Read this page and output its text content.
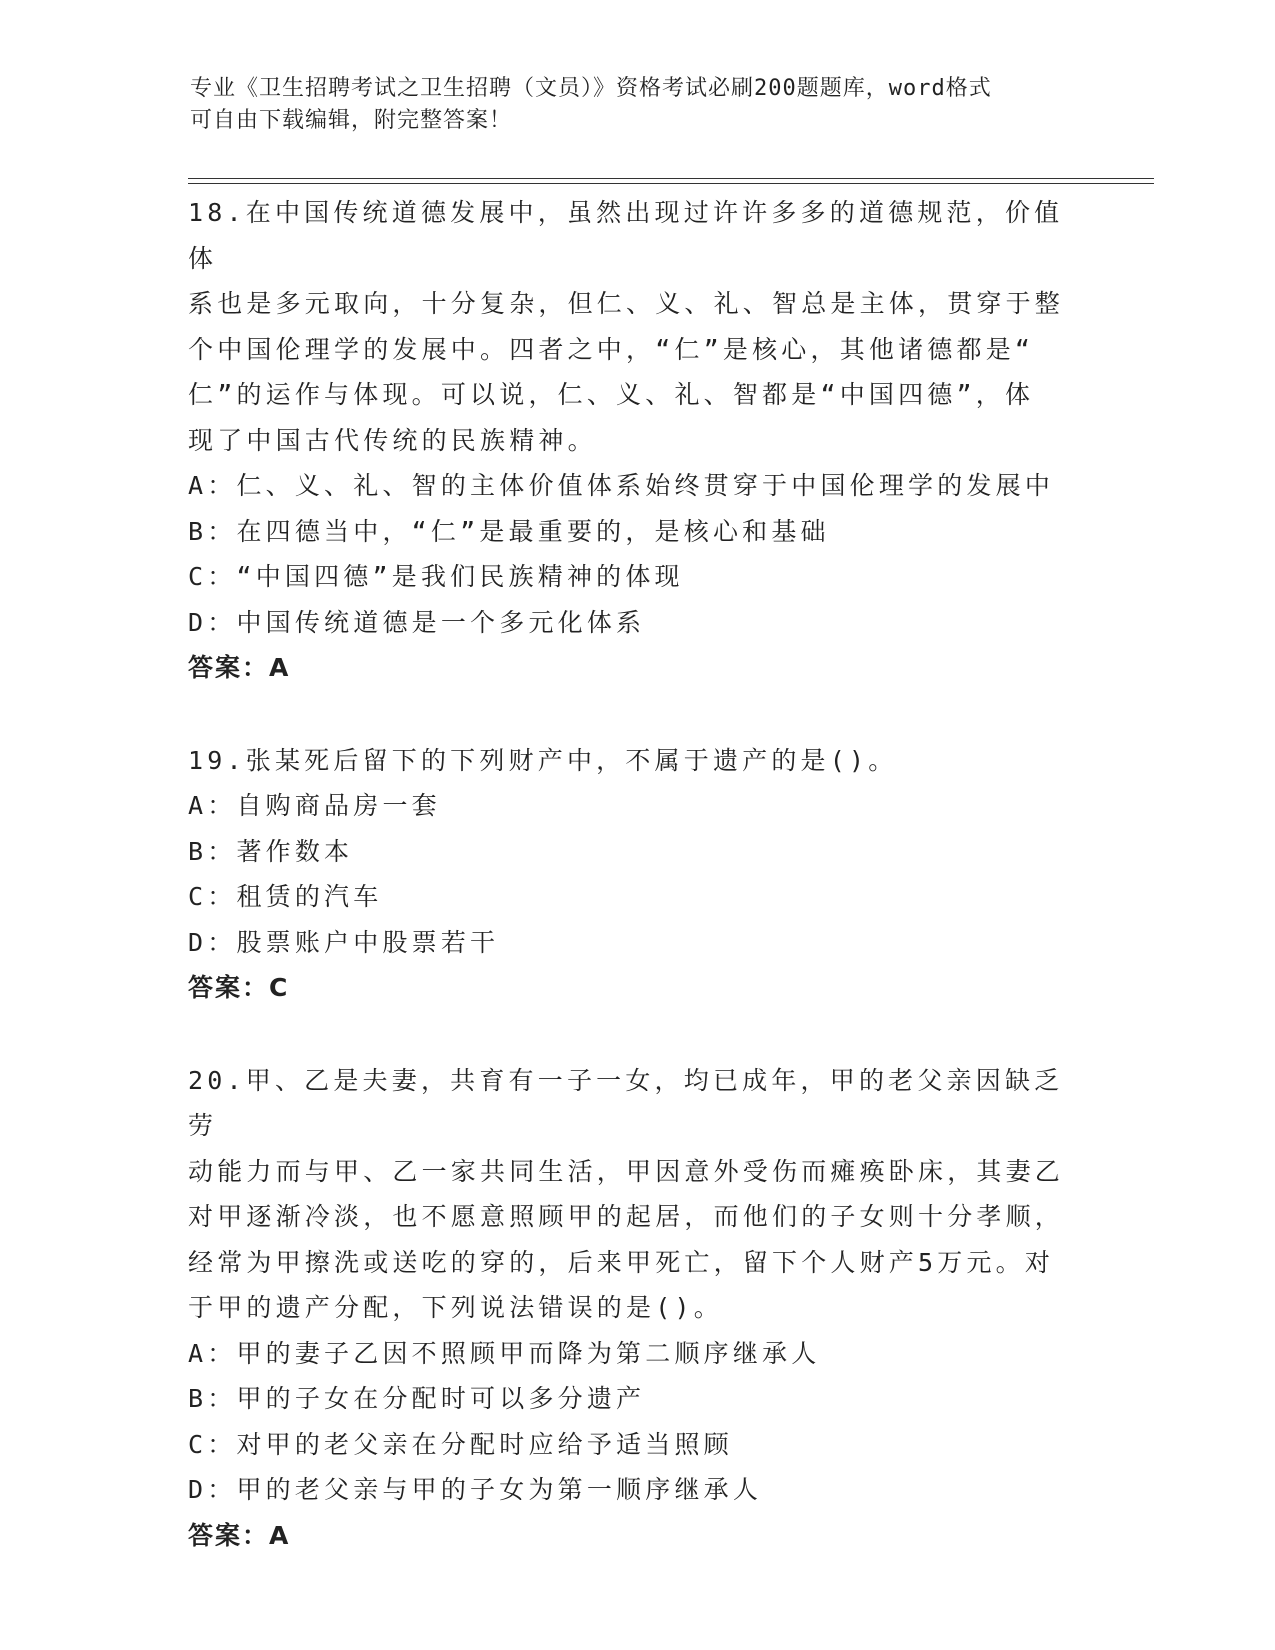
专业《卫生招聘考试之卫生招聘（文员）》资格考试必刷200题题库，word格式
可自由下载编辑，附完整答案！
18.在中国传统道德发展中，虽然出现过许许多多的道德规范，价值体
系也是多元取向，十分复杂，但仁、义、礼、智总是主体，贯穿于整
个中国伦理学的发展中。四者之中，“仁”是核心，其他诸德都是“
仁”的运作与体现。可以说，仁、义、礼、智都是“中国四德”，体
现了中国古代传统的民族精神。
A：仁、义、礼、智的主体价值体系始终贯穿于中国伦理学的发展中
B：在四德当中，“仁”是最重要的，是核心和基础
C：“中国四德”是我们民族精神的体现
D：中国传统道德是一个多元化体系
答案：A
19.张某死后留下的下列财产中，不属于遗产的是()。
A：自购商品房一套
B：著作数本
C：租赁的汽车
D：股票账户中股票若干
答案：C
20.甲、乙是夫妻，共育有一子一女，均已成年，甲的老父亲因缺乏劳
动能力而与甲、乙一家共同生活，甲因意外受伤而瘫痪卧床，其妻乙
对甲逐渐冷淡，也不愿意照顾甲的起居，而他们的子女则十分孝顺，
经常为甲擦洗或送吃的穿的，后来甲死亡，留下个人财产5万元。对
于甲的遗产分配，下列说法错误的是()。
A：甲的妻子乙因不照顾甲而降为第二顺序继承人
B：甲的子女在分配时可以多分遗产
C：对甲的老父亲在分配时应给予适当照顾
D：甲的老父亲与甲的子女为第一顺序继承人
答案：A
